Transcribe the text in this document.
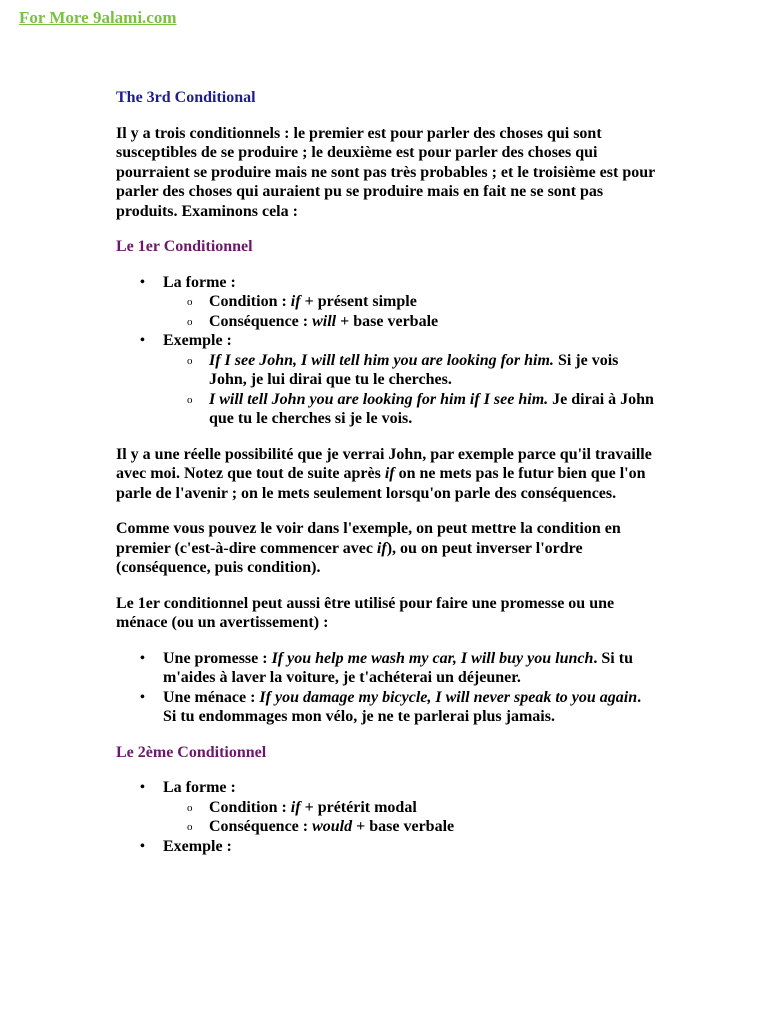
For More 9alami.com
The 3rd Conditional

Il y a trois conditionnels : le premier est pour parler des choses qui sont susceptibles de se produire ; le deuxième est pour parler des choses qui pourraient se produire mais ne sont pas très probables ; et le troisième est pour parler des choses qui auraient pu se produire mais en fait ne se sont pas produits. Examinons cela :

Le 1er Conditionnel
• La forme :
o Condition : if + présent simple
o Conséquence : will + base verbale
• Exemple :
o If I see John, I will tell him you are looking for him. Si je vois John, je lui dirai que tu le cherches.
o I will tell John you are looking for him if I see him. Je dirai à John que tu le cherches si je le vois.

Il y a une réelle possibilité que je verrai John, par exemple parce qu'il travaille avec moi. Notez que tout de suite après if on ne mets pas le futur bien que l'on parle de l'avenir ; on le mets seulement lorsqu'on parle des conséquences.

Comme vous pouvez le voir dans l'exemple, on peut mettre la condition en premier (c'est-à-dire commencer avec if), ou on peut inverser l'ordre (conséquence, puis condition).

Le 1er conditionnel peut aussi être utilisé pour faire une promesse ou une ménace (ou un avertissement) :

• Une promesse : If you help me wash my car, I will buy you lunch. Si tu m'aides à laver la voiture, je t'achéterai un déjeuner.
• Une ménace : If you damage my bicycle, I will never speak to you again. Si tu endommages mon vélo, je ne te parlerai plus jamais.
Le 2ème Conditionnel
• La forme :
o Condition : if + prétérit modal
o Conséquence : would + base verbale
• Exemple :
